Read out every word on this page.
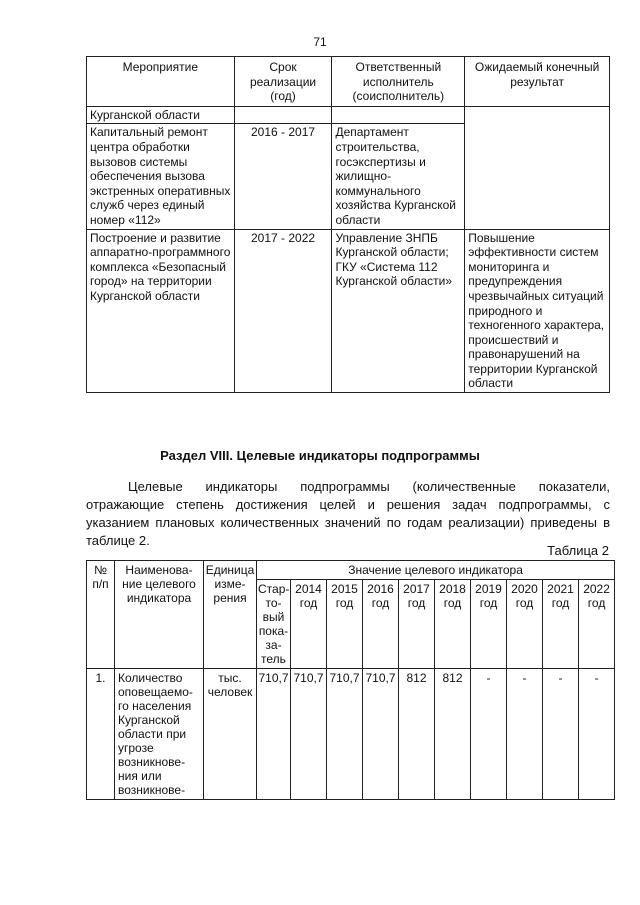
71
Мероприятие	Срок реализации (год)	Ответственный исполнитель (соисполнитель)	Ожидаемый конечный результат
Курганской области			
Капитальный ремонт центра обработки вызовов системы обеспечения вызова экстренных оперативных служб через единый номер «112»	2016 - 2017	Департамент строительства, госэкспертизы и жилищно-коммунального хозяйства Курганской области	
Построение и развитие аппаратно-программного комплекса «Безопасный город» на территории Курганской области	2017 - 2022	Управление ЗНПБ Курганской области; ГКУ «Система 112 Курганской области»	Повышение эффективности систем мониторинга и предупреждения чрезвычайных ситуаций природного и техногенного характера, происшествий и правонарушений на территории Курганской области
Раздел VIII. Целевые индикаторы подпрограммы
Целевые индикаторы подпрограммы (количественные показатели, отражающие степень достижения целей и решения задач подпрограммы, с указанием плановых количественных значений по годам реализации) приведены в таблице 2.
Таблица 2
№ п/п	Наименова-ние целевого индикатора	Единица изме-рения	Значение целевого индикатора									
			Стар-то-вый пока-за-тель	2014 год	2015 год	2016 год	2017 год	2018 год	2019 год	2020 год	2021 год	2022 год
1.	Количество оповещаемо-го населения Курганской области при угрозе возникнове-ния или возникнове-	тыс. человек	710,7	710,7	710,7	710,7	812	812	-	-	-	-
